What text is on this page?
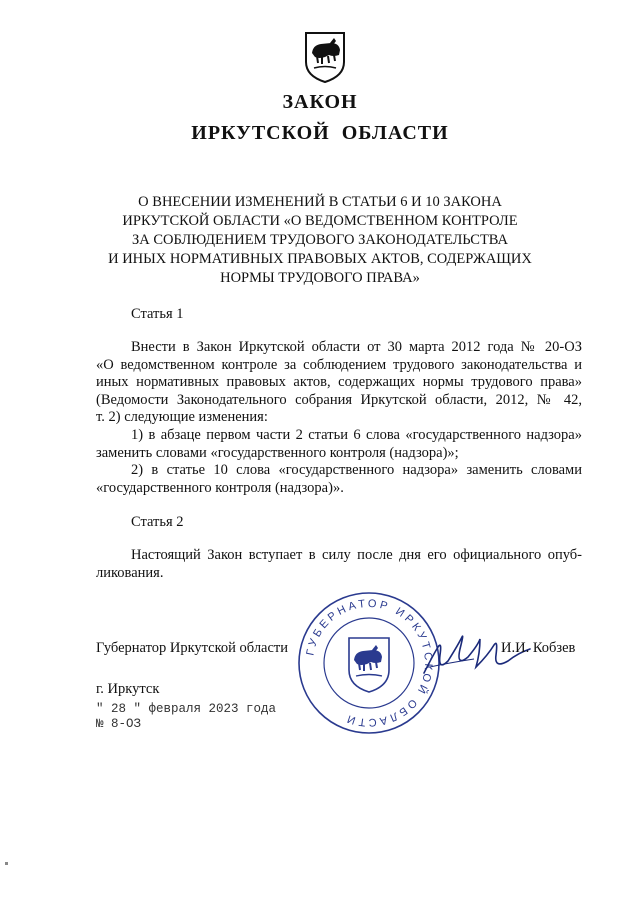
ЗАКОН
ИРКУТСКОЙ ОБЛАСТИ
О ВНЕСЕНИИ ИЗМЕНЕНИЙ В СТАТЬИ 6 И 10 ЗАКОНА
ИРКУТСКОЙ ОБЛАСТИ «О ВЕДОМСТВЕННОМ КОНТРОЛЕ
ЗА СОБЛЮДЕНИЕМ ТРУДОВОГО ЗАКОНОДАТЕЛЬСТВА
И ИНЫХ НОРМАТИВНЫХ ПРАВОВЫХ АКТОВ, СОДЕРЖАЩИХ
НОРМЫ ТРУДОВОГО ПРАВА»
Статья 1
Внести в Закон Иркутской области от 30 марта 2012 года № 20-ОЗ
«О ведомственном контроле за соблюдением трудового законодательства и
иных нормативных правовых актов, содержащих нормы трудового права»
(Ведомости Законодательного собрания Иркутской области, 2012, № 42,
т. 2) следующие изменения:
1) в абзаце первом части 2 статьи 6 слова «государственного надзора»
заменить словами «государственного контроля (надзора)»;
2) в статье 10 слова «государственного надзора» заменить словами
«государственного контроля (надзора)».
Статья 2
Настоящий Закон вступает в силу после дня его официального опуб-
ликования.
ГУБЕРНАТОР ИРКУТСКОЙ ОБЛАСТИ
Губернатор Иркутской области	И.И. Кобзев
г. Иркутск
" 28 " февраля 2023 года
№ 8-ОЗ
